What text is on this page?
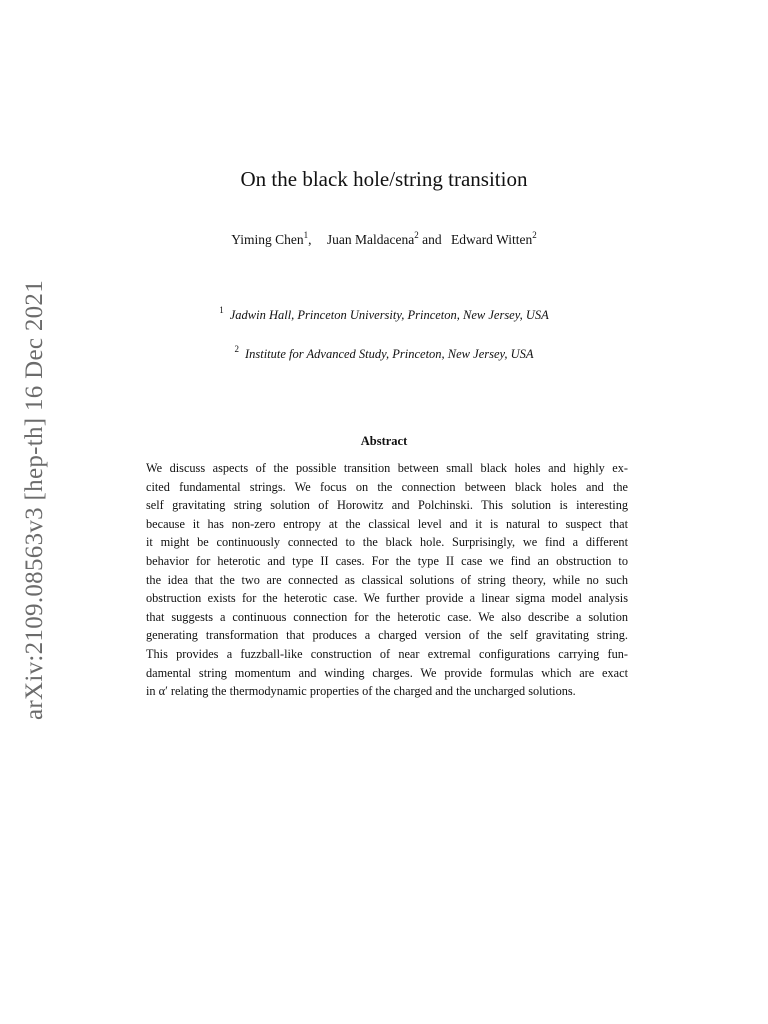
arXiv:2109.08563v3 [hep-th] 16 Dec 2021
On the black hole/string transition
Yiming Chen$^1$, Juan Maldacena$^2$ and Edward Witten$^2$
$^1$ Jadwin Hall, Princeton University, Princeton, New Jersey, USA
$^2$ Institute for Advanced Study, Princeton, New Jersey, USA
Abstract
We discuss aspects of the possible transition between small black holes and highly ex-
cited fundamental strings. We focus on the connection between black holes and the
self gravitating string solution of Horowitz and Polchinski. This solution is interesting
because it has non-zero entropy at the classical level and it is natural to suspect that
it might be continuously connected to the black hole. Surprisingly, we find a different
behavior for heterotic and type II cases. For the type II case we find an obstruction to
the idea that the two are connected as classical solutions of string theory, while no such
obstruction exists for the heterotic case. We further provide a linear sigma model analysis
that suggests a continuous connection for the heterotic case. We also describe a solution
generating transformation that produces a charged version of the self gravitating string.
This provides a fuzzball-like construction of near extremal configurations carrying fun-
damental string momentum and winding charges. We provide formulas which are exact
in α′ relating the thermodynamic properties of the charged and the uncharged solutions.
